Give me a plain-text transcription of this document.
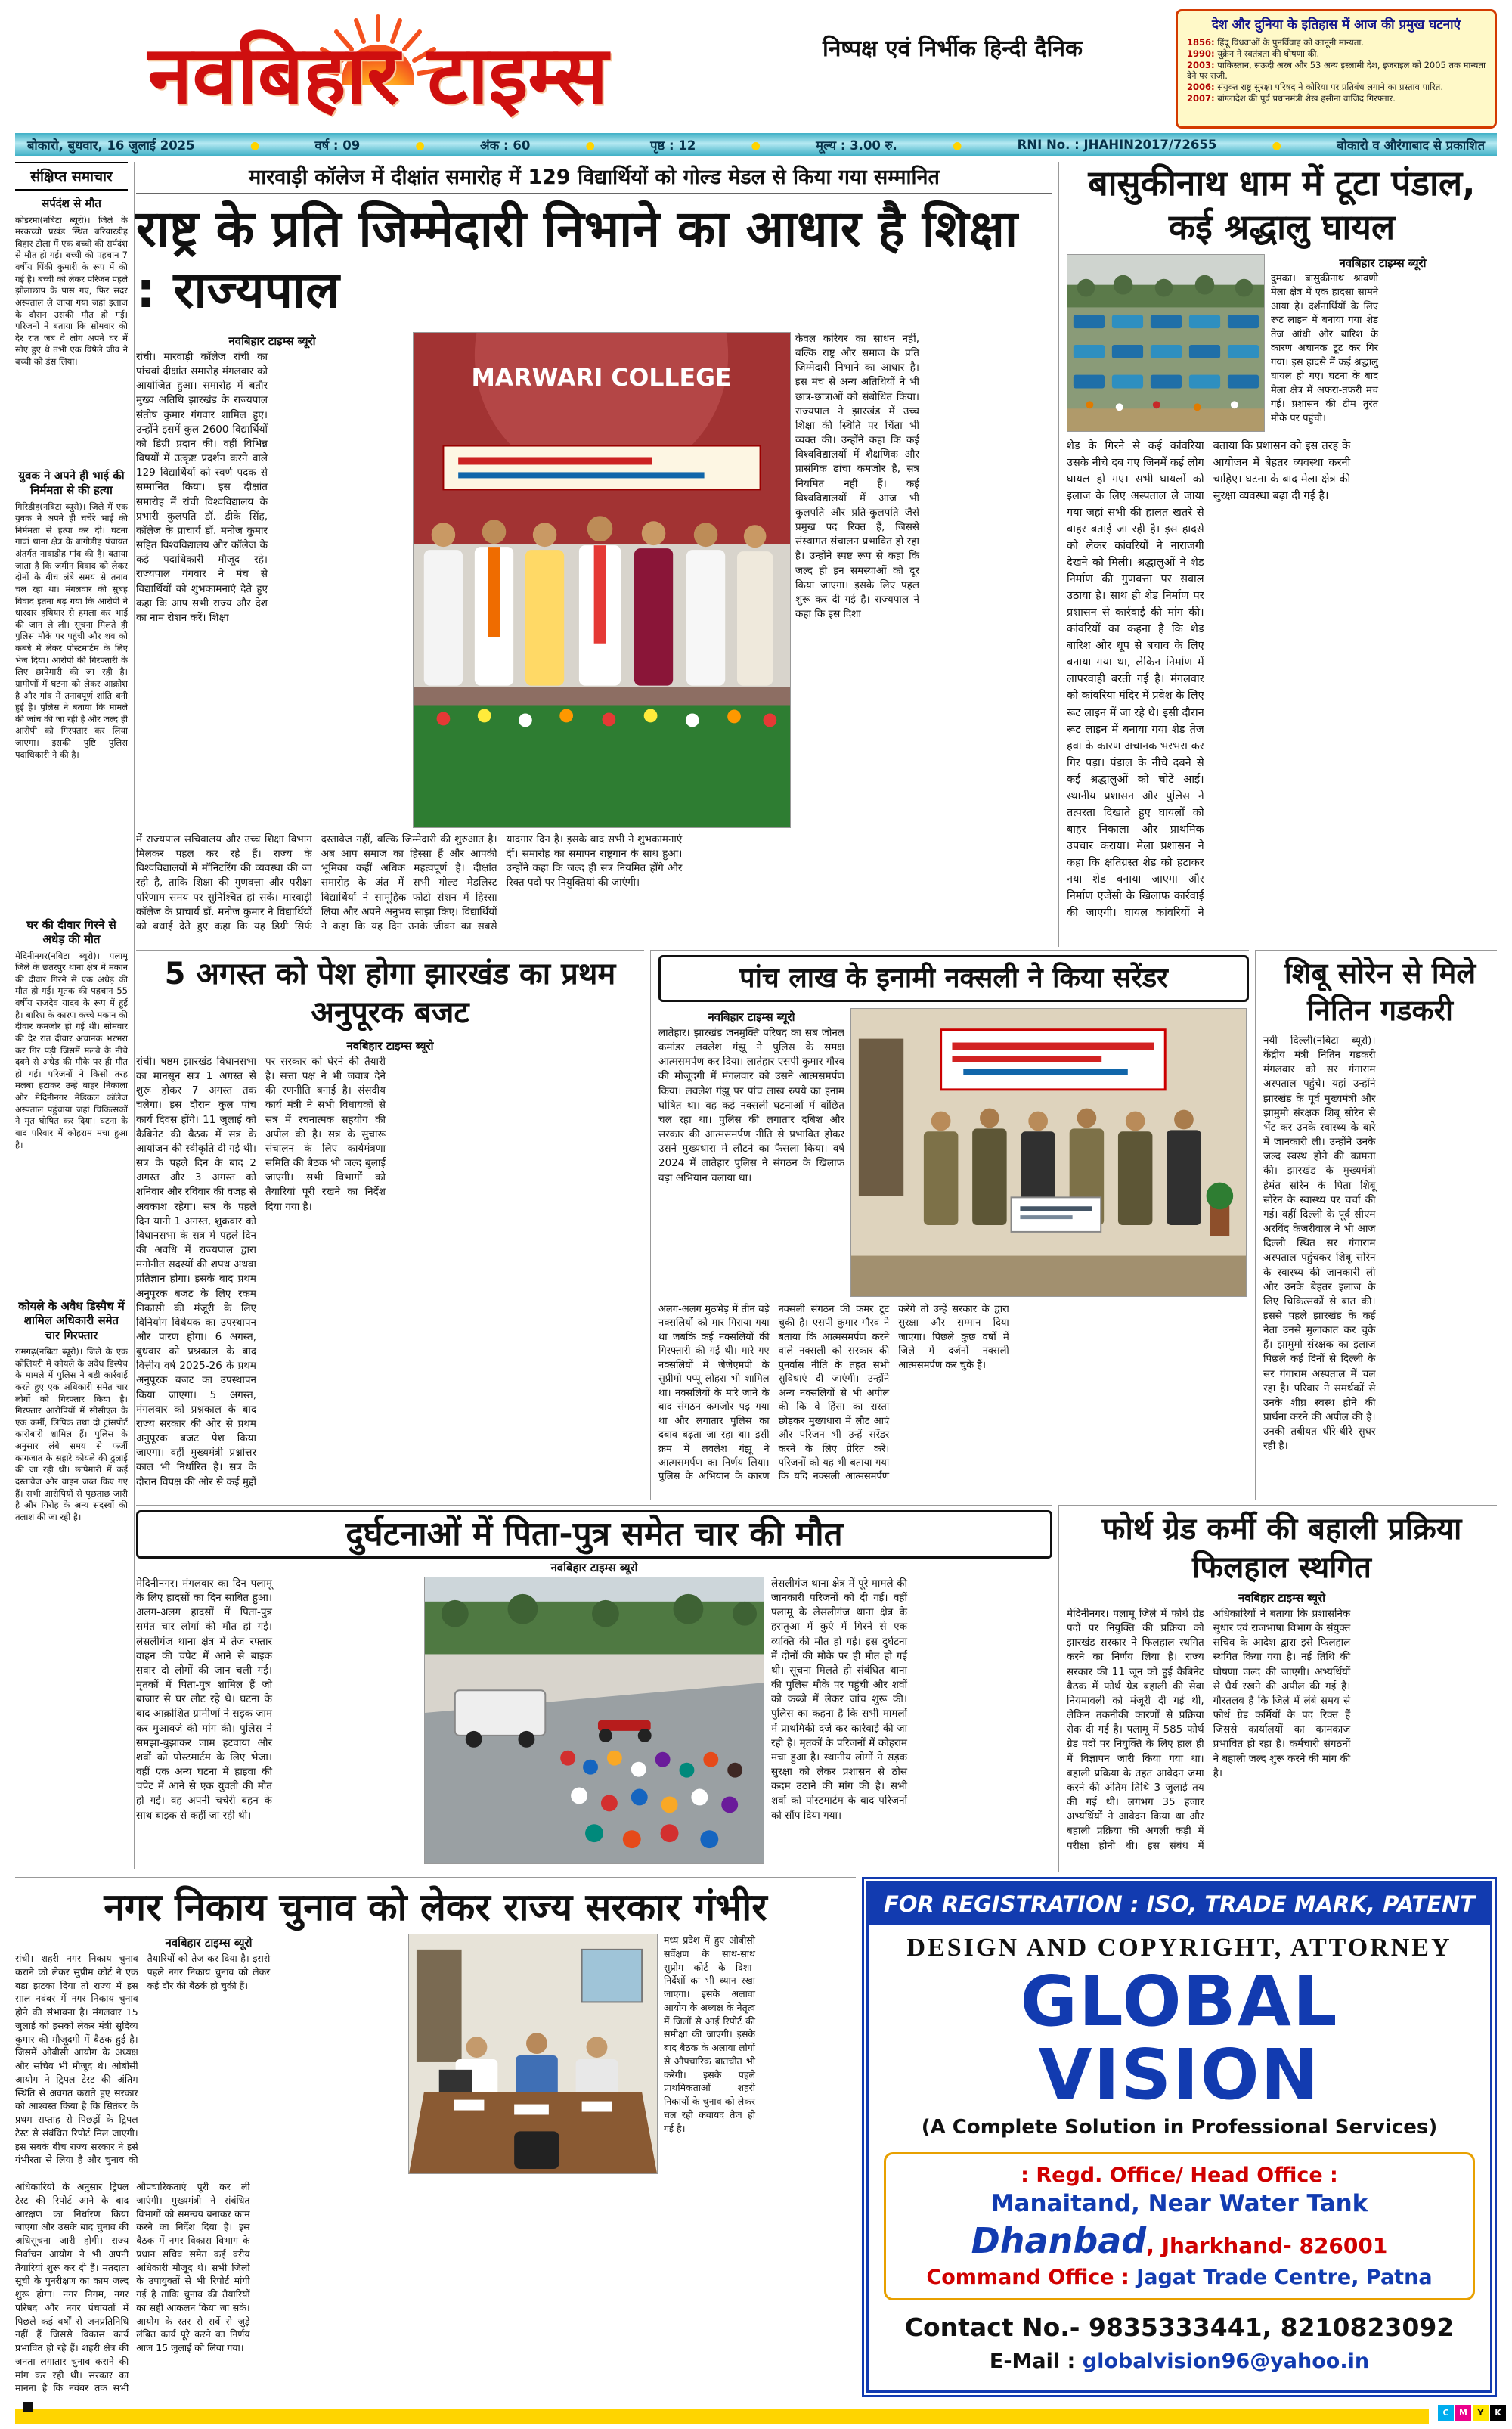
नवबिहार टाइम्स	निष्पक्ष एवं निर्भीक हिन्दी दैनिक
देश और दुनिया के इतिहास में आज की प्रमुख घटनाएं
1856: हिंदू विधवाओं के पुनर्विवाह को कानूनी मान्यता.
1990: यूक्रेन ने स्वतंत्रता की घोषणा की.
2003: पाकिस्तान, सऊदी अरब और 53 अन्य इस्लामी देश, इजराइल को 2005 तक मान्यता देने पर राजी.
2006: संयुक्त राष्ट्र सुरक्षा परिषद ने कोरिया पर प्रतिबंध लगाने का प्रस्ताव पारित.
2007: बांग्लादेश की पूर्व प्रधानमंत्री शेख हसीना वाजिद गिरफ्तार.
बोकारो, बुधवार, 16 जुलाई 2025 ●	वर्ष : 09 ●	अंक : 60 ●	पृष्ठ : 12 ●	मूल्य : 3.00 रु. ●	RNI No. : JHAHIN2017/72655 ●	बोकारो व औरंगाबाद से प्रकाशित
संक्षिप्त समाचार
सर्पदंश से मौत
कोडरमा(नबिटा ब्यूरो)। जिले के मरकच्चो प्रखंड स्थित बरियारडीह बिहार टोला में एक बच्ची की सर्पदंश से मौत हो गई। बच्ची की पहचान 7 वर्षीय पिंकी कुमारी के रूप में की गई है। बच्ची को लेकर परिजन पहले झोलाछाप के पास गए, फिर सदर अस्पताल ले जाया गया जहां इलाज के दौरान उसकी मौत हो गई। परिजनों ने बताया कि सोमवार की देर रात जब वे लोग अपने घर में सोए हुए थे तभी एक विषैले जीव ने बच्ची को डंस लिया।
युवक ने अपने ही भाई की निर्ममता से की हत्या
गिरिडीह(नबिटा ब्यूरो)। जिले में एक युवक ने अपने ही चचेरे भाई की निर्ममता से हत्या कर दी। घटना गावां थाना क्षेत्र के बागोडीह पंचायत अंतर्गत नावाडीह गांव की है। बताया जाता है कि जमीन विवाद को लेकर दोनों के बीच लंबे समय से तनाव चल रहा था। मंगलवार की सुबह विवाद इतना बढ़ गया कि आरोपी ने धारदार हथियार से हमला कर भाई की जान ले ली। सूचना मिलते ही पुलिस मौके पर पहुंची और शव को कब्जे में लेकर पोस्टमार्टम के लिए भेज दिया। आरोपी की गिरफ्तारी के लिए छापेमारी की जा रही है। ग्रामीणों में घटना को लेकर आक्रोश है और गांव में तनावपूर्ण शांति बनी हुई है। पुलिस ने बताया कि मामले की जांच की जा रही है और जल्द ही आरोपी को गिरफ्तार कर लिया जाएगा। इसकी पुष्टि पुलिस पदाधिकारी ने की है।
घर की दीवार गिरने से अधेड़ की मौत
मेदिनीनगर(नबिटा ब्यूरो)। पलामू जिले के छतरपुर थाना क्षेत्र में मकान की दीवार गिरने से एक अधेड़ की मौत हो गई। मृतक की पहचान 55 वर्षीय राजदेव यादव के रूप में हुई है। बारिश के कारण कच्चे मकान की दीवार कमजोर हो गई थी। सोमवार की देर रात दीवार अचानक भरभरा कर गिर पड़ी जिसमें मलबे के नीचे दबने से अधेड़ की मौके पर ही मौत हो गई। परिजनों ने किसी तरह मलबा हटाकर उन्हें बाहर निकाला और मेदिनीनगर मेडिकल कॉलेज अस्पताल पहुंचाया जहां चिकित्सकों ने मृत घोषित कर दिया। घटना के बाद परिवार में कोहराम मचा हुआ है।
कोयले के अवैध डिस्पैच में शामिल अधिकारी समेत चार गिरफ्तार
रामगढ़(नबिटा ब्यूरो)। जिले के एक कोलियरी में कोयले के अवैध डिस्पैच के मामले में पुलिस ने बड़ी कार्रवाई करते हुए एक अधिकारी समेत चार लोगों को गिरफ्तार किया है। गिरफ्तार आरोपियों में सीसीएल के एक कर्मी, लिपिक तथा दो ट्रांसपोर्ट कारोबारी शामिल हैं। पुलिस के अनुसार लंबे समय से फर्जी कागजात के सहारे कोयले की ढुलाई की जा रही थी। छापेमारी में कई दस्तावेज और वाहन जब्त किए गए हैं। सभी आरोपियों से पूछताछ जारी है और गिरोह के अन्य सदस्यों की तलाश की जा रही है।
मारवाड़ी कॉलेज में दीक्षांत समारोह में 129 विद्यार्थियों को गोल्ड मेडल से किया गया सम्मानित
राष्ट्र के प्रति जिम्मेदारी निभाने का आधार है शिक्षा : राज्यपाल
नवबिहार टाइम्स ब्यूरो
रांची। मारवाड़ी कॉलेज रांची का पांचवां दीक्षांत समारोह मंगलवार को आयोजित हुआ। समारोह में बतौर मुख्य अतिथि झारखंड के राज्यपाल संतोष कुमार गंगवार शामिल हुए। उन्होंने इसमें कुल 2600 विद्यार्थियों को डिग्री प्रदान की। वहीं विभिन्न विषयों में उत्कृष्ट प्रदर्शन करने वाले 129 विद्यार्थियों को स्वर्ण पदक से सम्मानित किया। इस दीक्षांत समारोह में रांची विश्वविद्यालय के प्रभारी कुलपति डॉ. डीके सिंह, कॉलेज के प्राचार्य डॉ. मनोज कुमार सहित विश्वविद्यालय और कॉलेज के कई पदाधिकारी मौजूद रहे। राज्यपाल गंगवार ने मंच से विद्यार्थियों को शुभकामनाएं देते हुए कहा कि आप सभी राज्य और देश का नाम रोशन करें। शिक्षा
MARWARI COLLEGE
केवल करियर का साधन नहीं, बल्कि राष्ट्र और समाज के प्रति जिम्मेदारी निभाने का आधार है। इस मंच से अन्य अतिथियों ने भी छात्र-छात्राओं को संबोधित किया। राज्यपाल ने झारखंड में उच्च शिक्षा की स्थिति पर चिंता भी व्यक्त की। उन्होंने कहा कि कई विश्वविद्यालयों में शैक्षणिक और प्रासंगिक ढांचा कमजोर है, सत्र नियमित नहीं हैं। कई विश्वविद्यालयों में आज भी कुलपति और प्रति-कुलपति जैसे प्रमुख पद रिक्त हैं, जिससे संस्थागत संचालन प्रभावित हो रहा है। उन्होंने स्पष्ट रूप से कहा कि जल्द ही इन समस्याओं को दूर किया जाएगा। इसके लिए पहल शुरू कर दी गई है। राज्यपाल ने कहा कि इस दिशा
में राज्यपाल सचिवालय और उच्च शिक्षा विभाग मिलकर पहल कर रहे हैं। राज्य के विश्वविद्यालयों में मॉनिटरिंग की व्यवस्था की जा रही है, ताकि शिक्षा की गुणवत्ता और परीक्षा परिणाम समय पर सुनिश्चित हो सकें। मारवाड़ी कॉलेज के प्राचार्य डॉ. मनोज कुमार ने विद्यार्थियों को बधाई देते हुए कहा कि यह डिग्री सिर्फ दस्तावेज नहीं, बल्कि जिम्मेदारी की शुरुआत है। अब आप समाज का हिस्सा हैं और आपकी भूमिका कहीं अधिक महत्वपूर्ण है। दीक्षांत समारोह के अंत में सभी गोल्ड मेडलिस्ट विद्यार्थियों ने सामूहिक फोटो सेशन में हिस्सा लिया और अपने अनुभव साझा किए। विद्यार्थियों ने कहा कि यह दिन उनके जीवन का सबसे यादगार दिन है। इसके बाद सभी ने शुभकामनाएं दीं। समारोह का समापन राष्ट्रगान के साथ हुआ। उन्होंने कहा कि जल्द ही सत्र नियमित होंगे और रिक्त पदों पर नियुक्तियां की जाएंगी।
बासुकीनाथ धाम में टूटा पंडाल, कई श्रद्धालु घायल
नवबिहार टाइम्स ब्यूरो
दुमका। बासुकीनाथ श्रावणी मेला क्षेत्र में एक हादसा सामने आया है। दर्शनार्थियों के लिए रूट लाइन में बनाया गया शेड तेज आंधी और बारिश के कारण अचानक टूट कर गिर गया। इस हादसे में कई श्रद्धालु घायल हो गए। घटना के बाद मेला क्षेत्र में अफरा-तफरी मच गई। प्रशासन की टीम तुरंत मौके पर पहुंची।
शेड के गिरने से कई कांवरिया उसके नीचे दब गए जिनमें कई लोग घायल हो गए। सभी घायलों को इलाज के लिए अस्पताल ले जाया गया जहां सभी की हालत खतरे से बाहर बताई जा रही है। इस हादसे को लेकर कांवरियों ने नाराजगी देखने को मिली। श्रद्धालुओं ने शेड निर्माण की गुणवत्ता पर सवाल उठाया है। साथ ही शेड निर्माण पर प्रशासन से कार्रवाई की मांग की। कांवरियों का कहना है कि शेड बारिश और धूप से बचाव के लिए बनाया गया था, लेकिन निर्माण में लापरवाही बरती गई है। मंगलवार को कांवरिया मंदिर में प्रवेश के लिए रूट लाइन में जा रहे थे। इसी दौरान रूट लाइन में बनाया गया शेड तेज हवा के कारण अचानक भरभरा कर गिर पड़ा। पंडाल के नीचे दबने से कई श्रद्धालुओं को चोटें आईं। स्थानीय प्रशासन और पुलिस ने तत्परता दिखाते हुए घायलों को बाहर निकाला और प्राथमिक उपचार कराया। मेला प्रशासन ने कहा कि क्षतिग्रस्त शेड को हटाकर नया शेड बनाया जाएगा और निर्माण एजेंसी के खिलाफ कार्रवाई की जाएगी। घायल कांवरियों ने बताया कि प्रशासन को इस तरह के आयोजन में बेहतर व्यवस्था करनी चाहिए। घटना के बाद मेला क्षेत्र की सुरक्षा व्यवस्था बढ़ा दी गई है।
5 अगस्त को पेश होगा झारखंड का प्रथम अनुपूरक बजट
नवबिहार टाइम्स ब्यूरो
रांची। षष्ठम झारखंड विधानसभा का मानसून सत्र 1 अगस्त से शुरू होकर 7 अगस्त तक चलेगा। इस दौरान कुल पांच कार्य दिवस होंगे। 11 जुलाई को कैबिनेट की बैठक में सत्र के आयोजन की स्वीकृति दी गई थी। सत्र के पहले दिन के बाद 2 अगस्त और 3 अगस्त को शनिवार और रविवार की वजह से अवकाश रहेगा। सत्र के पहले दिन यानी 1 अगस्त, शुक्रवार को विधानसभा के सत्र में पहले दिन की अवधि में राज्यपाल द्वारा मनोनीत सदस्यों की शपथ अथवा प्रतिज्ञान होगा। इसके बाद प्रथम अनुपूरक बजट के लिए रकम निकासी की मंजूरी के लिए विनियोग विधेयक का उपस्थापन और पारण होगा। 6 अगस्त, बुधवार को प्रश्नकाल के बाद वित्तीय वर्ष 2025-26 के प्रथम अनुपूरक बजट का उपस्थापन किया जाएगा। 5 अगस्त, मंगलवार को प्रश्नकाल के बाद राज्य सरकार की ओर से प्रथम अनुपूरक बजट पेश किया जाएगा। वहीं मुख्यमंत्री प्रश्नोत्तर काल भी निर्धारित है। सत्र के दौरान विपक्ष की ओर से कई मुद्दों पर सरकार को घेरने की तैयारी है। सत्ता पक्ष ने भी जवाब देने की रणनीति बनाई है। संसदीय कार्य मंत्री ने सभी विधायकों से सत्र में रचनात्मक सहयोग की अपील की है। सत्र के सुचारू संचालन के लिए कार्यमंत्रणा समिति की बैठक भी जल्द बुलाई जाएगी। सभी विभागों को तैयारियां पूरी रखने का निर्देश दिया गया है।
पांच लाख के इनामी नक्सली ने किया सरेंडर
नवबिहार टाइम्स ब्यूरो
लातेहार। झारखंड जनमुक्ति परिषद का सब जोनल कमांडर लवलेश गंझू ने पुलिस के समक्ष आत्मसमर्पण कर दिया। लातेहार एसपी कुमार गौरव की मौजूदगी में मंगलवार को उसने आत्मसमर्पण किया। लवलेश गंझू पर पांच लाख रुपये का इनाम घोषित था। वह कई नक्सली घटनाओं में वांछित चल रहा था। पुलिस की लगातार दबिश और सरकार की आत्मसमर्पण नीति से प्रभावित होकर उसने मुख्यधारा में लौटने का फैसला किया। वर्ष 2024 में लातेहार पुलिस ने संगठन के खिलाफ बड़ा अभियान चलाया था।
अलग-अलग मुठभेड़ में तीन बड़े नक्सलियों को मार गिराया गया था जबकि कई नक्सलियों की गिरफ्तारी की गई थी। मारे गए नक्सलियों में जेजेएमपी के सुप्रीमो पप्पू लोहरा भी शामिल था। नक्सलियों के मारे जाने के बाद संगठन कमजोर पड़ गया था और लगातार पुलिस का दबाव बढ़ता जा रहा था। इसी क्रम में लवलेश गंझू ने आत्मसमर्पण का निर्णय लिया। पुलिस के अभियान के कारण नक्सली संगठन की कमर टूट चुकी है। एसपी कुमार गौरव ने बताया कि आत्मसमर्पण करने वाले नक्सली को सरकार की पुनर्वास नीति के तहत सभी सुविधाएं दी जाएंगी। उन्होंने अन्य नक्सलियों से भी अपील की कि वे हिंसा का रास्ता छोड़कर मुख्यधारा में लौट आएं और परिजन भी उन्हें सरेंडर करने के लिए प्रेरित करें। परिजनों को यह भी बताया गया कि यदि नक्सली आत्मसमर्पण करेंगे तो उन्हें सरकार के द्वारा सुरक्षा और सम्मान दिया जाएगा। पिछले कुछ वर्षों में जिले में दर्जनों नक्सली आत्मसमर्पण कर चुके हैं।
शिबू सोरेन से मिले नितिन गडकरी
नयी दिल्ली(नबिटा ब्यूरो)। केंद्रीय मंत्री नितिन गडकरी मंगलवार को सर गंगाराम अस्पताल पहुंचे। यहां उन्होंने झारखंड के पूर्व मुख्यमंत्री और झामुमो संरक्षक शिबू सोरेन से भेंट कर उनके स्वास्थ्य के बारे में जानकारी ली। उन्होंने उनके जल्द स्वस्थ होने की कामना की। झारखंड के मुख्यमंत्री हेमंत सोरेन के पिता शिबू सोरेन के स्वास्थ्य पर चर्चा की गई। वहीं दिल्ली के पूर्व सीएम अरविंद केजरीवाल ने भी आज दिल्ली स्थित सर गंगाराम अस्पताल पहुंचकर शिबू सोरेन के स्वास्थ्य की जानकारी ली और उनके बेहतर इलाज के लिए चिकित्सकों से बात की। इससे पहले झारखंड के कई नेता उनसे मुलाकात कर चुके हैं। झामुमो संरक्षक का इलाज पिछले कई दिनों से दिल्ली के सर गंगाराम अस्पताल में चल रहा है। परिवार ने समर्थकों से उनके शीघ्र स्वस्थ होने की प्रार्थना करने की अपील की है। उनकी तबीयत धीरे-धीरे सुधर रही है।
दुर्घटनाओं में पिता-पुत्र समेत चार की मौत
नवबिहार टाइम्स ब्यूरो
मेदिनीनगर। मंगलवार का दिन पलामू के लिए हादसों का दिन साबित हुआ। अलग-अलग हादसों में पिता-पुत्र समेत चार लोगों की मौत हो गई। लेसलीगंज थाना क्षेत्र में तेज रफ्तार वाहन की चपेट में आने से बाइक सवार दो लोगों की जान चली गई। मृतकों में पिता-पुत्र शामिल हैं जो बाजार से घर लौट रहे थे। घटना के बाद आक्रोशित ग्रामीणों ने सड़क जाम कर मुआवजे की मांग की। पुलिस ने समझा-बुझाकर जाम हटवाया और शवों को पोस्टमार्टम के लिए भेजा। वहीं एक अन्य घटना में हाइवा की चपेट में आने से एक युवती की मौत हो गई। वह अपनी चचेरी बहन के साथ बाइक से कहीं जा रही थी।
लेसलीगंज थाना क्षेत्र में पूरे मामले की जानकारी परिजनों को दी गई। वहीं पलामू के लेसलीगंज थाना क्षेत्र के हरातुआ में कुएं में गिरने से एक व्यक्ति की मौत हो गई। इस दुर्घटना में दोनों की मौके पर ही मौत हो गई थी। सूचना मिलते ही संबंधित थाना की पुलिस मौके पर पहुंची और शवों को कब्जे में लेकर जांच शुरू की। पुलिस का कहना है कि सभी मामलों में प्राथमिकी दर्ज कर कार्रवाई की जा रही है। मृतकों के परिजनों में कोहराम मचा हुआ है। स्थानीय लोगों ने सड़क सुरक्षा को लेकर प्रशासन से ठोस कदम उठाने की मांग की है। सभी शवों को पोस्टमार्टम के बाद परिजनों को सौंप दिया गया।
फोर्थ ग्रेड कर्मी की बहाली प्रक्रिया फिलहाल स्थगित
नवबिहार टाइम्स ब्यूरो
मेदिनीनगर। पलामू जिले में फोर्थ ग्रेड पदों पर नियुक्ति की प्रक्रिया को झारखंड सरकार ने फिलहाल स्थगित करने का निर्णय लिया है। राज्य सरकार की 11 जून को हुई कैबिनेट बैठक में फोर्थ ग्रेड बहाली की सेवा नियमावली को मंजूरी दी गई थी, लेकिन तकनीकी कारणों से प्रक्रिया रोक दी गई है। पलामू में 585 फोर्थ ग्रेड पदों पर नियुक्ति के लिए हाल ही में विज्ञापन जारी किया गया था। बहाली प्रक्रिया के तहत आवेदन जमा करने की अंतिम तिथि 3 जुलाई तय की गई थी। लगभग 35 हजार अभ्यर्थियों ने आवेदन किया था और बहाली प्रक्रिया की अगली कड़ी में परीक्षा होनी थी। इस संबंध में अधिकारियों ने बताया कि प्रशासनिक सुधार एवं राजभाषा विभाग के संयुक्त सचिव के आदेश द्वारा इसे फिलहाल स्थगित किया गया है। नई तिथि की घोषणा जल्द की जाएगी। अभ्यर्थियों से धैर्य रखने की अपील की गई है। गौरतलब है कि जिले में लंबे समय से फोर्थ ग्रेड कर्मियों के पद रिक्त हैं जिससे कार्यालयों का कामकाज प्रभावित हो रहा है। कर्मचारी संगठनों ने बहाली जल्द शुरू करने की मांग की है।
नगर निकाय चुनाव को लेकर राज्य सरकार गंभीर
नवबिहार टाइम्स ब्यूरो
रांची। शहरी नगर निकाय चुनाव कराने को लेकर सुप्रीम कोर्ट ने एक बड़ा झटका दिया तो राज्य में इस साल नवंबर में नगर निकाय चुनाव होने की संभावना है। मंगलवार 15 जुलाई को इसको लेकर मंत्री सुदिव्य कुमार की मौजूदगी में बैठक हुई है। जिसमें ओबीसी आयोग के अध्यक्ष और सचिव भी मौजूद थे। ओबीसी आयोग ने ट्रिपल टेस्ट की अंतिम स्थिति से अवगत कराते हुए सरकार को आश्वस्त किया है कि सितंबर के प्रथम सप्ताह से पिछड़ों के ट्रिपल टेस्ट से संबंधित रिपोर्ट मिल जाएगी। इस सबके बीच राज्य सरकार ने इसे गंभीरता से लिया है और चुनाव की तैयारियों को तेज कर दिया है। इससे पहले नगर निकाय चुनाव को लेकर कई दौर की बैठकें हो चुकी हैं।
मध्य प्रदेश में हुए ओबीसी सर्वेक्षण के साथ-साथ सुप्रीम कोर्ट के दिशा-निर्देशों का भी ध्यान रखा जाएगा। इसके अलावा आयोग के अध्यक्ष के नेतृत्व में जिलों से आई रिपोर्ट की समीक्षा की जाएगी। इसके बाद बैठक के अलावा लोगों से औपचारिक बातचीत भी करेगी। इसके पहले प्राथमिकताओं शहरी निकायों के चुनाव को लेकर चल रही कवायद तेज हो गई है।
अधिकारियों के अनुसार ट्रिपल टेस्ट की रिपोर्ट आने के बाद आरक्षण का निर्धारण किया जाएगा और उसके बाद चुनाव की अधिसूचना जारी होगी। राज्य निर्वाचन आयोग ने भी अपनी तैयारियां शुरू कर दी हैं। मतदाता सूची के पुनरीक्षण का काम जल्द शुरू होगा। नगर निगम, नगर परिषद और नगर पंचायतों में पिछले कई वर्षों से जनप्रतिनिधि नहीं हैं जिससे विकास कार्य प्रभावित हो रहे हैं। शहरी क्षेत्र की जनता लगातार चुनाव कराने की मांग कर रही थी। सरकार का मानना है कि नवंबर तक सभी औपचारिकताएं पूरी कर ली जाएंगी। मुख्यमंत्री ने संबंधित विभागों को समन्वय बनाकर काम करने का निर्देश दिया है। इस बैठक में नगर विकास विभाग के प्रधान सचिव समेत कई वरीय अधिकारी मौजूद थे। सभी जिलों के उपायुक्तों से भी रिपोर्ट मांगी गई है ताकि चुनाव की तैयारियों का सही आकलन किया जा सके। आयोग के स्तर से सर्वे से जुड़े लंबित कार्य पूरे करने का निर्णय आज 15 जुलाई को लिया गया।
FOR REGISTRATION : ISO, TRADE MARK, PATENT
DESIGN AND COPYRIGHT, ATTORNEY
GLOBAL VISION
(A Complete Solution in Professional Services)
: Regd. Office/ Head Office :
Manaitand, Near Water Tank
Dhanbad, Jharkhand- 826001
Command Office : Jagat Trade Centre, Patna
Contact No.- 9835333441, 8210823092
E-Mail : globalvision96@yahoo.in
C	M	Y	K
